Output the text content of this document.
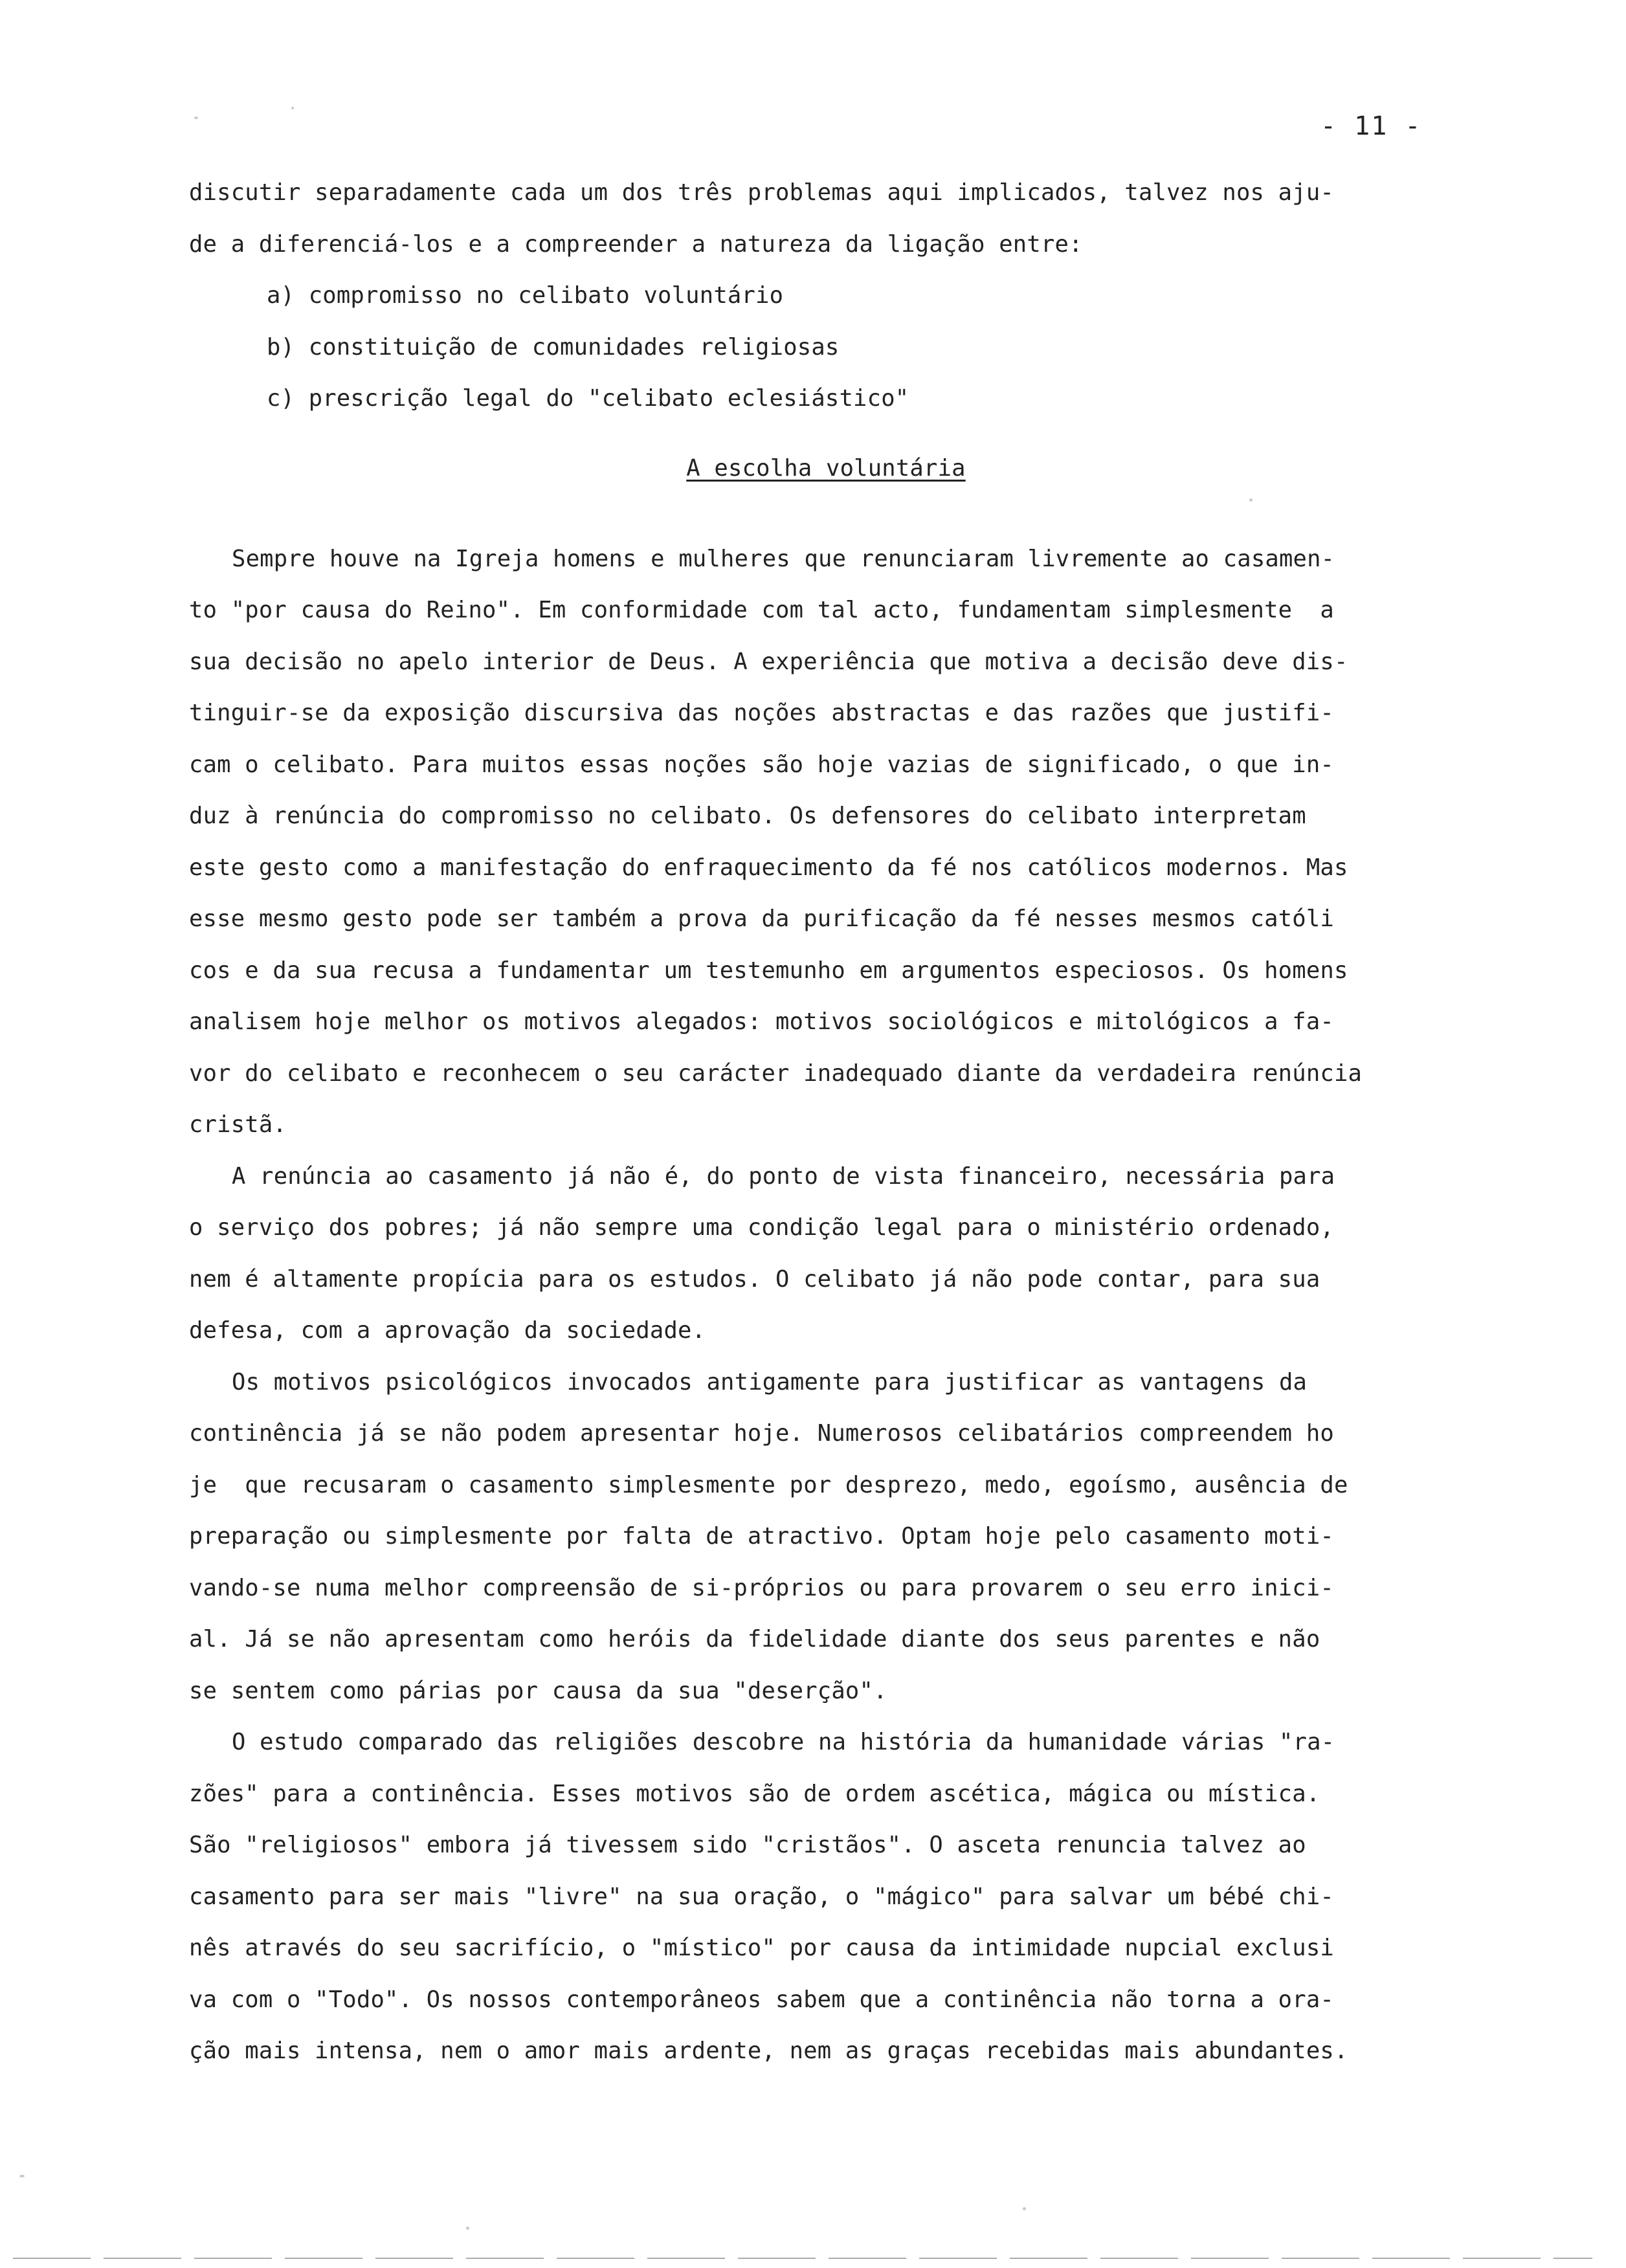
- 11 -
discutir separadamente cada um dos três problemas aqui implicados, talvez nos aju-
de a diferenciá-los e a compreender a natureza da ligação entre:
a) compromisso no celibato voluntário
b) constituição de comunidades religiosas
c) prescrição legal do "celibato eclesiástico"
A escolha voluntária
Sempre houve na Igreja homens e mulheres que renunciaram livremente ao casamen-
to "por causa do Reino". Em conformidade com tal acto, fundamentam simplesmente  a
sua decisão no apelo interior de Deus. A experiência que motiva a decisão deve dis-
tinguir-se da exposição discursiva das noções abstractas e das razões que justifi-
cam o celibato. Para muitos essas noções são hoje vazias de significado, o que in-
duz à renúncia do compromisso no celibato. Os defensores do celibato interpretam
este gesto como a manifestação do enfraquecimento da fé nos católicos modernos. Mas
esse mesmo gesto pode ser também a prova da purificação da fé nesses mesmos católi
cos e da sua recusa a fundamentar um testemunho em argumentos especiosos. Os homens
analisem hoje melhor os motivos alegados: motivos sociológicos e mitológicos a fa-
vor do celibato e reconhecem o seu carácter inadequado diante da verdadeira renúncia
cristã.
A renúncia ao casamento já não é, do ponto de vista financeiro, necessária para
o serviço dos pobres; já não sempre uma condição legal para o ministério ordenado,
nem é altamente propícia para os estudos. O celibato já não pode contar, para sua
defesa, com a aprovação da sociedade.
Os motivos psicológicos invocados antigamente para justificar as vantagens da
continência já se não podem apresentar hoje. Numerosos celibatários compreendem ho
je  que recusaram o casamento simplesmente por desprezo, medo, egoísmo, ausência de
preparação ou simplesmente por falta de atractivo. Optam hoje pelo casamento moti-
vando-se numa melhor compreensão de si-próprios ou para provarem o seu erro inici-
al. Já se não apresentam como heróis da fidelidade diante dos seus parentes e não
se sentem como párias por causa da sua "deserção".
O estudo comparado das religiões descobre na história da humanidade várias "ra-
zões" para a continência. Esses motivos são de ordem ascética, mágica ou mística.
São "religiosos" embora já tivessem sido "cristãos". O asceta renuncia talvez ao
casamento para ser mais "livre" na sua oração, o "mágico" para salvar um bébé chi-
nês através do seu sacrifício, o "místico" por causa da intimidade nupcial exclusi
va com o "Todo". Os nossos contemporâneos sabem que a continência não torna a ora-
ção mais intensa, nem o amor mais ardente, nem as graças recebidas mais abundantes.
